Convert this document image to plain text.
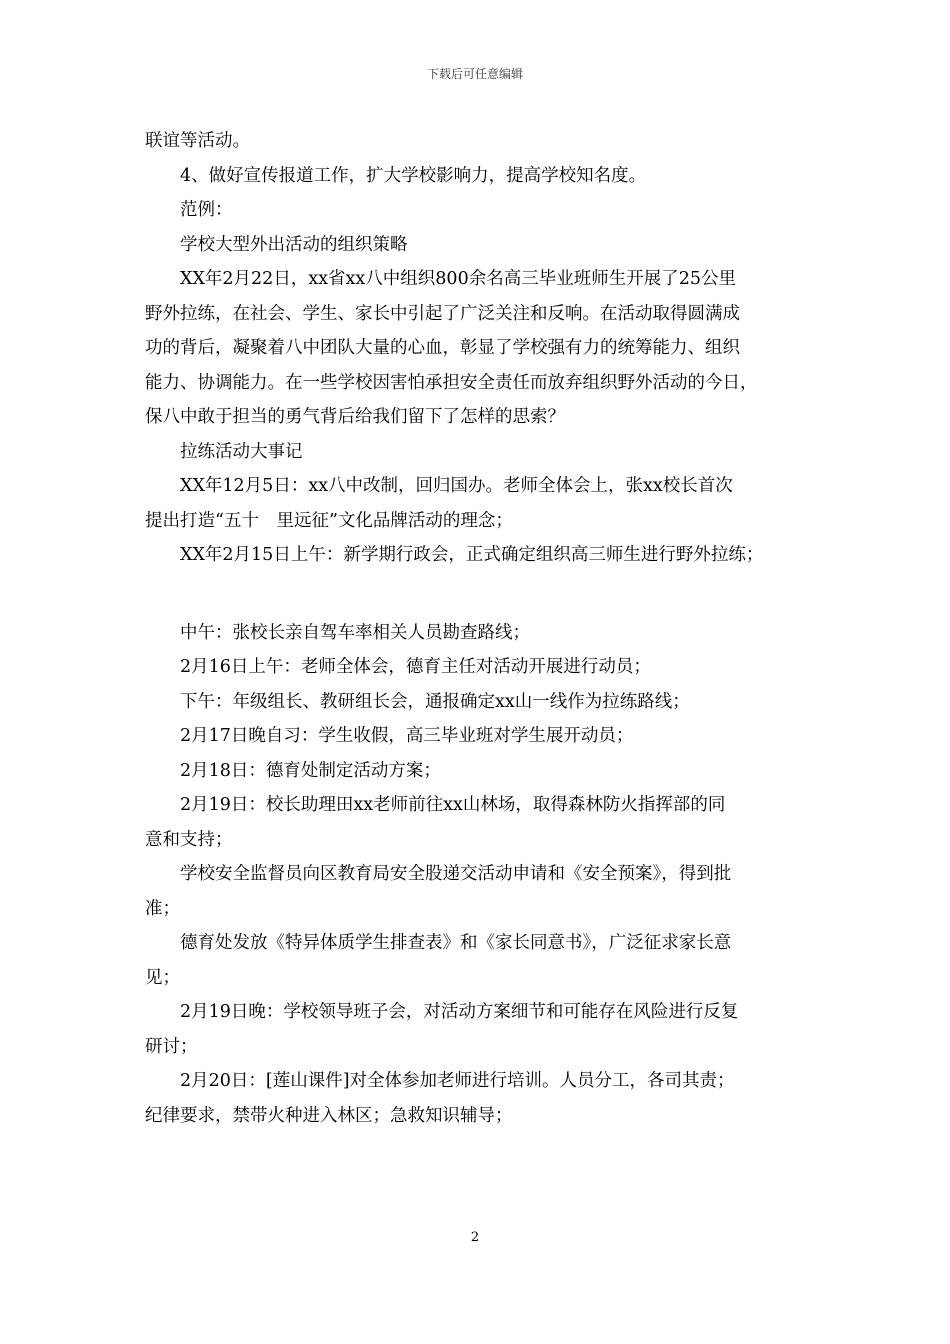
下载后可任意编辑
联谊等活动。
4、做好宣传报道工作，扩大学校影响力，提高学校知名度。
范例：
学校大型外出活动的组织策略
XX年2月22日，xx省xx八中组织800余名高三毕业班师生开展了25公里
野外拉练，在社会、学生、家长中引起了广泛关注和反响。在活动取得圆满成
功的背后，凝聚着八中团队大量的心血，彰显了学校强有力的统筹能力、组织
能力、协调能力。在一些学校因害怕承担安全责任而放弃组织野外活动的今日，
保八中敢于担当的勇气背后给我们留下了怎样的思索？
拉练活动大事记
XX年12月5日：xx八中改制，回归国办。老师全体会上，张xx校长首次
提出打造“五十　里远征”文化品牌活动的理念；
XX年2月15日上午：新学期行政会，正式确定组织高三师生进行野外拉练；
中午：张校长亲自驾车率相关人员勘查路线；
2月16日上午：老师全体会，德育主任对活动开展进行动员；
下午：年级组长、教研组长会，通报确定xx山一线作为拉练路线；
2月17日晚自习：学生收假，高三毕业班对学生展开动员；
2月18日：德育处制定活动方案；
2月19日：校长助理田xx老师前往xx山林场，取得森林防火指挥部的同
意和支持；
学校安全监督员向区教育局安全股递交活动申请和《安全预案》，得到批
准；
德育处发放《特异体质学生排查表》和《家长同意书》，广泛征求家长意
见；
2月19日晚：学校领导班子会，对活动方案细节和可能存在风险进行反复
研讨；
2月20日：[莲山课件]对全体参加老师进行培训。人员分工，各司其责；
纪律要求，禁带火种进入林区；急救知识辅导；
2
